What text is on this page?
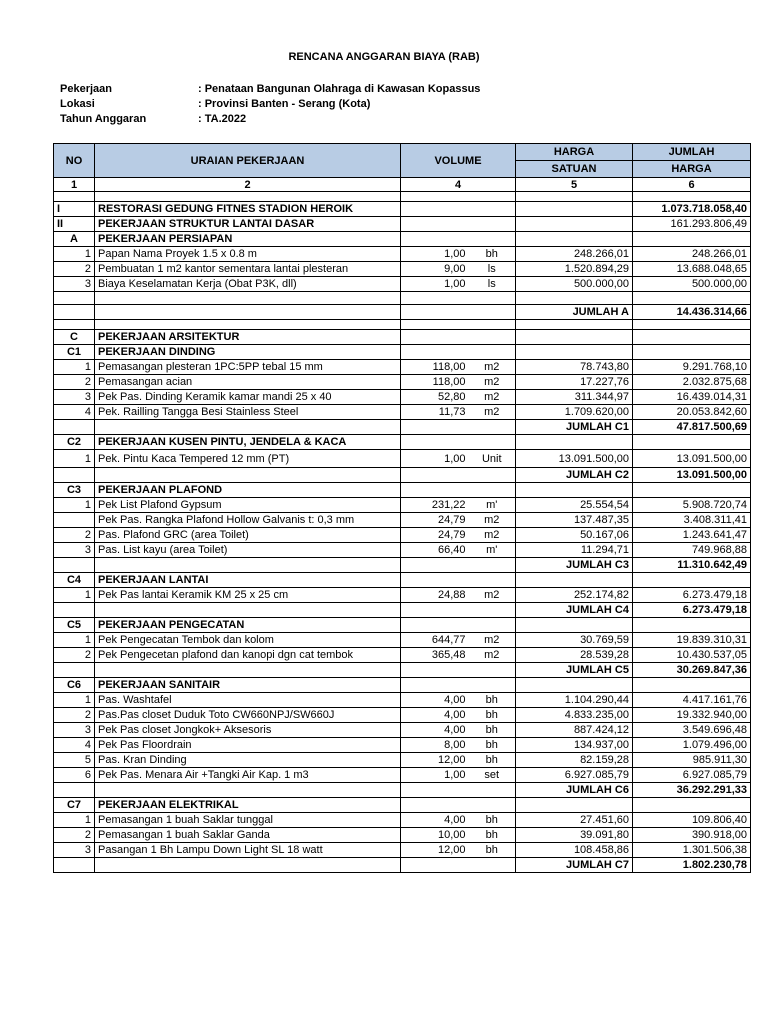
RENCANA ANGGARAN BIAYA (RAB)
Pekerjaan	: Penataan Bangunan Olahraga di Kawasan Kopassus
Lokasi	: Provinsi Banten - Serang (Kota)
Tahun Anggaran	: TA.2022
NO	URAIAN PEKERJAAN	VOLUME		HARGA	JUMLAH
				SATUAN	HARGA
1	2	4		5	6

I	RESTORASI GEDUNG FITNES STADION HEROIK				1.073.718.058,40
II	PEKERJAAN STRUKTUR LANTAI DASAR				161.293.806,49
A	PEKERJAAN PERSIAPAN				
1	Papan Nama Proyek 1.5 x 0.8 m	1,00	bh	248.266,01	248.266,01
2	Pembuatan 1 m2 kantor sementara lantai plesteran	9,00	ls	1.520.894,29	13.688.048,65
3	Biaya Keselamatan Kerja (Obat P3K, dll)	1,00	ls	500.000,00	500.000,00

				JUMLAH A	14.436.314,66

C	PEKERJAAN ARSITEKTUR				
C1	PEKERJAAN DINDING				
1	Pemasangan plesteran 1PC:5PP tebal 15 mm	118,00	m2	78.743,80	9.291.768,10
2	Pemasangan acian	118,00	m2	17.227,76	2.032.875,68
3	Pek Pas. Dinding Keramik kamar mandi 25 x 40	52,80	m2	311.344,97	16.439.014,31
4	Pek. Railling Tangga Besi Stainless Steel	11,73	m2	1.709.620,00	20.053.842,60
				JUMLAH C1	47.817.500,69
C2	PEKERJAAN KUSEN PINTU, JENDELA & KACA				
1	Pek. Pintu Kaca Tempered 12 mm (PT)	1,00	Unit	13.091.500,00	13.091.500,00
				JUMLAH C2	13.091.500,00
C3	PEKERJAAN PLAFOND				
1	Pek List Plafond Gypsum	231,22	m'	25.554,54	5.908.720,74
	Pek Pas. Rangka Plafond Hollow Galvanis t: 0,3 mm	24,79	m2	137.487,35	3.408.311,41
2	Pas. Plafond GRC (area Toilet)	24,79	m2	50.167,06	1.243.641,47
3	Pas. List kayu (area Toilet)	66,40	m'	11.294,71	749.968,88
				JUMLAH C3	11.310.642,49
C4	PEKERJAAN LANTAI				
1	Pek Pas lantai Keramik KM 25 x 25 cm	24,88	m2	252.174,82	6.273.479,18
				JUMLAH C4	6.273.479,18
C5	PEKERJAAN PENGECATAN				
1	Pek Pengecatan Tembok dan kolom	644,77	m2	30.769,59	19.839.310,31
2	Pek Pengecetan plafond dan kanopi dgn cat tembok	365,48	m2	28.539,28	10.430.537,05
				JUMLAH C5	30.269.847,36
C6	PEKERJAAN SANITAIR				
1	Pas. Washtafel	4,00	bh	1.104.290,44	4.417.161,76
2	Pas.Pas closet Duduk Toto CW660NPJ/SW660J	4,00	bh	4.833.235,00	19.332.940,00
3	Pek Pas closet Jongkok+ Aksesoris	4,00	bh	887.424,12	3.549.696,48
4	Pek Pas Floordrain	8,00	bh	134.937,00	1.079.496,00
5	Pas. Kran Dinding	12,00	bh	82.159,28	985.911,30
6	Pek Pas. Menara Air +Tangki Air Kap. 1 m3	1,00	set	6.927.085,79	6.927.085,79
				JUMLAH C6	36.292.291,33
C7	PEKERJAAN ELEKTRIKAL				
1	Pemasangan 1 buah Saklar tunggal	4,00	bh	27.451,60	109.806,40
2	Pemasangan 1 buah Saklar Ganda	10,00	bh	39.091,80	390.918,00
3	Pasangan 1 Bh Lampu Down Light SL 18 watt	12,00	bh	108.458,86	1.301.506,38
				JUMLAH C7	1.802.230,78
